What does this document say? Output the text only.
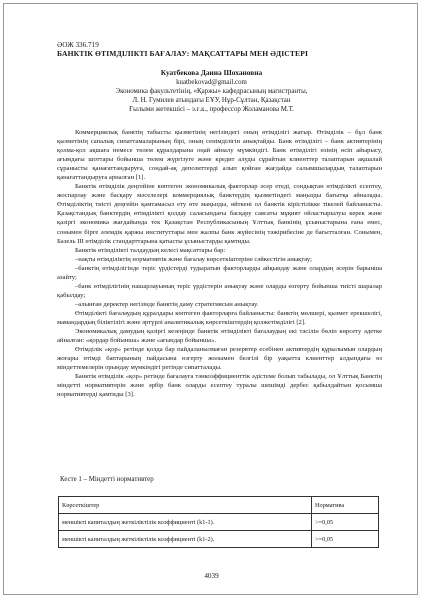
ӘОЖ 336.719
БАНКТІК ӨТІМДІЛІКТІ БАҒАЛАУ: МАҚСАТТАРЫ МЕН ӘДІСТЕРІ
Куатбекова Даина Шохановна
kuatbekovad@gmail.com
Экономика факультетінің, «Қаржы» кафедрасының магистранты,
Л. Н. Гумилев атындағы ЕҰУ, Нұр-Сұлтан, Қазақстан
Ғылыми жетекшісі – э.ғ.к., профессор Жоламанова М.Т.

Коммерциялық банктің табысты қызметінің негізіндегі оның өтімділігі жатыр. Өтімділік – бұл банк қызметінің сапалық сипаттамаларының бірі, оның сенімділігін анықтайды. Банк өтімділігі – банк активтерінің қолма-қол ақшаға немесе төлем құралдарына оңай айналу мүмкіндігі. Банк өтімділігі өзінің өсіп айырысу, ағымдағы шоттары бойынша төлем жүргізуге және кредит алуды сұрайтын клиенттер талаптарын ақшалай сұранысты қанағаттандыруға, сондай-ақ депозиттерді алып қойған жағдайда салымшылардың талаптарын қанағаттандыруға арналған [1].

Банктік өтімділік деңгейіне көптеген экономикалық факторлар әсер етеді, сондықтан өтімділікті есептеу, жоспарлау және басқару мәселелері коммерциялық банктердің қызметіндегі маңызды бағытқа айналады. Өтімділіктің тиісті деңгейін қамтамасыз ету өте маңызды, өйткені ол банктік кірістілікке тікелей байланысты. Қазақстандық банктердің өтімділікті қолдау саласындағы басқару саясаты мұқият ойластырылуы керек және қазіргі экономика жағдайында тек Қазақстан Республикасының Ұлттық банкінің ұсыныстарына ғана емес, сонымен бірге әлемдік қаржы институттары мен жалпы банк жүйесінің тәжірибесіне де бағытталған. Сонымен, Базель III өтімділік стандарттарына қатысты ұсыныстарды қамтиды.

Банктік өтімділікті талдаудың келесі мақсаттары бар:

–нақты өтімділіктің нормативтік және бағалау көрсеткіштеріне сәйкестігін анықтау;

–банктің өтімділігінде теріс үрдістерді тудыратын факторларды айқындау және олардың әсерін барынша азайту;

–банк өтімділігінің нашарлауының теріс үрдістерін анықтау және оларды өзгерту бойынша тиісті шаралар қабылдау;

–алынған деректер негізінде банктің даму стратегиясын анықтау.

Өтімділікті бағалаудың құралдары көптеген факторларға байланысты: банктің мөлшері, қызмет ерекшелігі, мамандардың біліктілігі және әртүрлі аналитикалық көрсеткіштердің қолжетімділігі [2].

Экономикалық дамудың қазіргі кезеңінде банктік өтімділікті бағалаудың екі тәсілін бөліп көрсету әдетке айналған: «қордар бойынша» және «ағындар бойынша».

Өтімділік «қор» ретінде қолда бар пайдаланылмаған резервтер есебінен активтердің құрылымын олардың жоғары өтімді баптарының пайдасына өзгерту жолымен белгілі бір уақытта клиенттер алдындағы өз міндеттемелерін орындау мүмкіндігі ретінде сипатталады.

Банктік өтімділік «қор» ретінде бағалауға тәнкоэффициенттік әдістеме болып табылады, ол Ұлттық Банктің міндетті нормативтерін және әрбір банк оларды есептеу туралы шешімді дербес қабылдайтын қосымша нормативтерді қамтиды [3].

Кесте 1 – Міндетті нормативтер
Көрсеткіштер	Норматива
меншікті капиталдың жеткіліктілік коэффициенті (k1-1).	>=0,05
меншікті капиталдың жеткіліктілік коэффициенті (k1-2).	>=0,05
4039
